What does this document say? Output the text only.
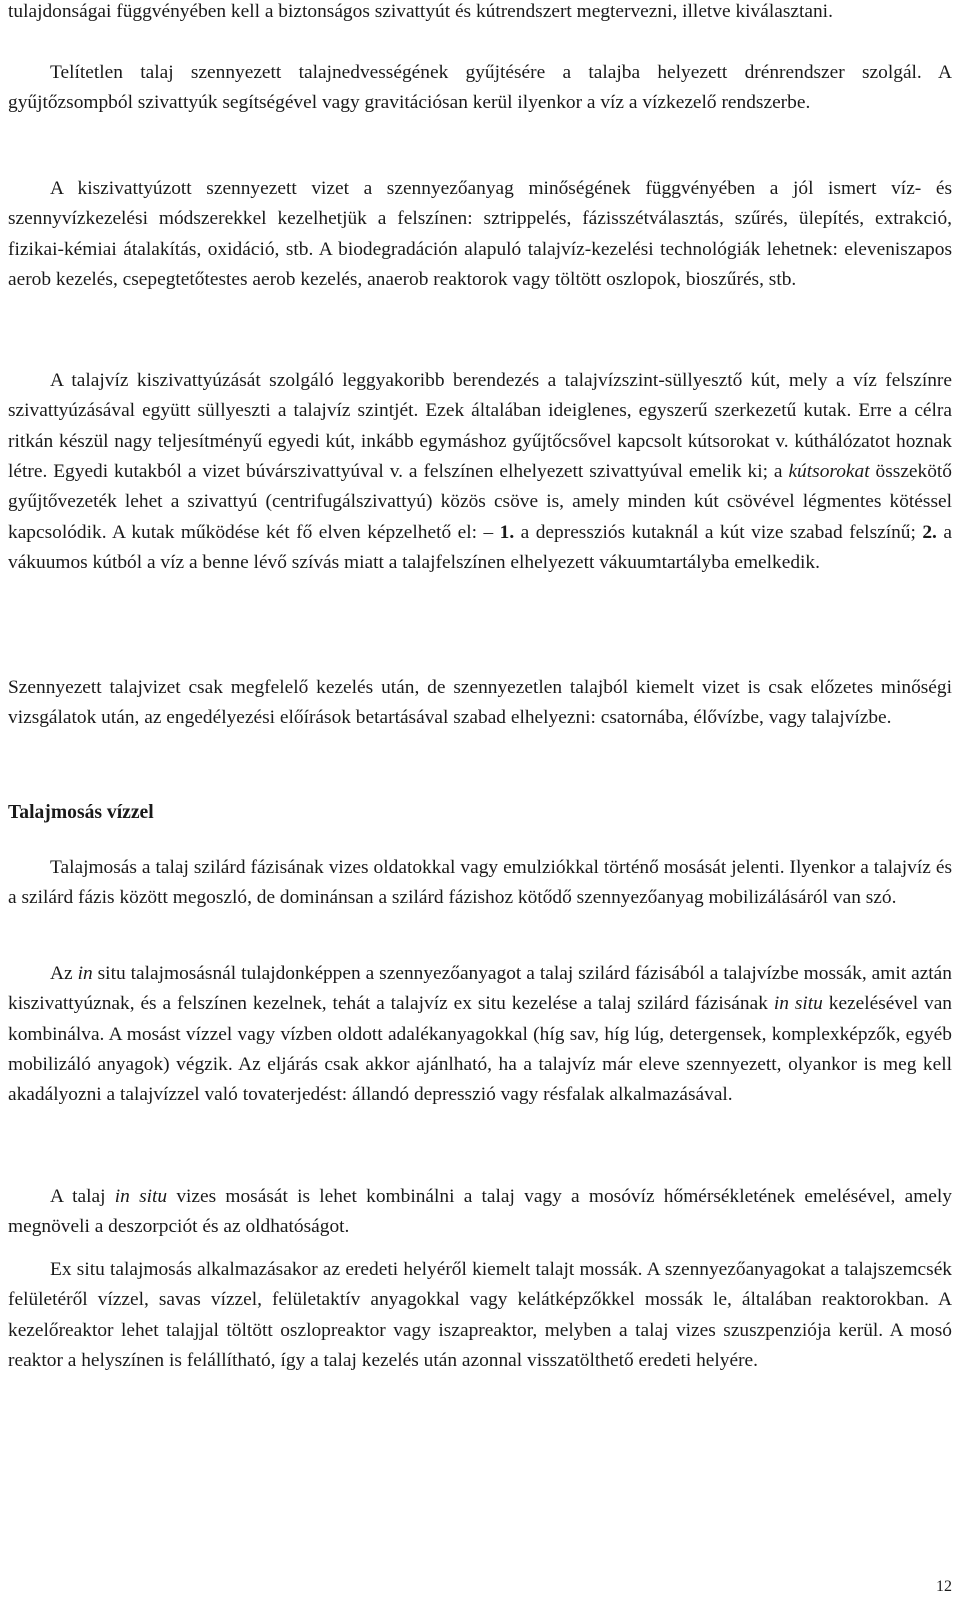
tulajdonságai függvényében kell a biztonságos szivattyút és kútrendszert megtervezni, illetve kiválasztani.

Telítetlen talaj szennyezett talajnedvességének gyűjtésére a talajba helyezett drénrendszer szolgál. A gyűjtőzsompból szivattyúk segítségével vagy gravitációsan kerül ilyenkor a víz a vízkezelő rendszerbe.

A kiszivattyúzott szennyezett vizet a szennyezőanyag minőségének függvényében a jól ismert víz- és szennyvízkezelési módszerekkel kezelhetjük a felszínen: sztrippelés, fázisszétválasztás, szűrés, ülepítés, extrakció, fizikai-kémiai átalakítás, oxidáció, stb. A biodegradáción alapuló talajvíz-kezelési technológiák lehetnek: eleveniszapos aerob kezelés, csepegtetőtestes aerob kezelés, anaerob reaktorok vagy töltött oszlopok, bioszűrés, stb.

A talajvíz kiszivattyúzását szolgáló leggyakoribb berendezés a talajvízszint-süllyesztő kút, mely a víz felszínre szivattyúzásával együtt süllyeszti a talajvíz szintjét. Ezek általában ideiglenes, egyszerű szerkezetű kutak. Erre a célra ritkán készül nagy teljesítményű egyedi kút, inkább egymáshoz gyűjtőcsővel kapcsolt kútsorokat v. kúthálózatot hoznak létre. Egyedi kutakból a vizet búvárszivattyúval v. a felszínen elhelyezett szivattyúval emelik ki; a kútsorokat összekötő gyűjtővezeték lehet a szivattyú (centrifugálszivattyú) közös csöve is, amely minden kút csövével légmentes kötéssel kapcsolódik. A kutak működése két fő elven képzelhető el: – 1. a depressziós kutaknál a kút vize szabad felszínű; 2. a vákuumos kútból a víz a benne lévő szívás miatt a talajfelszínen elhelyezett vákuumtartályba emelkedik.

Szennyezett talajvizet csak megfelelő kezelés után, de szennyezetlen talajból kiemelt vizet is csak előzetes minőségi vizsgálatok után, az engedélyezési előírások betartásával szabad elhelyezni: csatornába, élővízbe, vagy talajvízbe.

Talajmosás vízzel

Talajmosás a talaj szilárd fázisának vizes oldatokkal vagy emulziókkal történő mosását jelenti. Ilyenkor a talajvíz és a szilárd fázis között megoszló, de dominánsan a szilárd fázishoz kötődő szennyezőanyag mobilizálásáról van szó.

Az in situ talajmosásnál tulajdonképpen a szennyezőanyagot a talaj szilárd fázisából a talajvízbe mossák, amit aztán kiszivattyúznak, és a felszínen kezelnek, tehát a talajvíz ex situ kezelése a talaj szilárd fázisának in situ kezelésével van kombinálva. A mosást vízzel vagy vízben oldott adalékanyagokkal (híg sav, híg lúg, detergensek, komplexképzők, egyéb mobilizáló anyagok) végzik. Az eljárás csak akkor ajánlható, ha a talajvíz már eleve szennyezett, olyankor is meg kell akadályozni a talajvízzel való tovaterjedést: állandó depresszió vagy résfalak alkalmazásával.

A talaj in situ vizes mosását is lehet kombinálni a talaj vagy a mosóvíz hőmérsékletének emelésével, amely megnöveli a deszorpciót és az oldhatóságot.

Ex situ talajmosás alkalmazásakor az eredeti helyéről kiemelt talajt mossák. A szennyezőanyagokat a talajszemcsék felületéről vízzel, savas vízzel, felületaktív anyagokkal vagy kelátképzőkkel mossák le, általában reaktorokban. A kezelőreaktor lehet talajjal töltött oszlopreaktor vagy iszapreaktor, melyben a talaj vizes szuszpenziója kerül. A mosó reaktor a helyszínen is felállítható, így a talaj kezelés után azonnal visszatölthető eredeti helyére.

12
